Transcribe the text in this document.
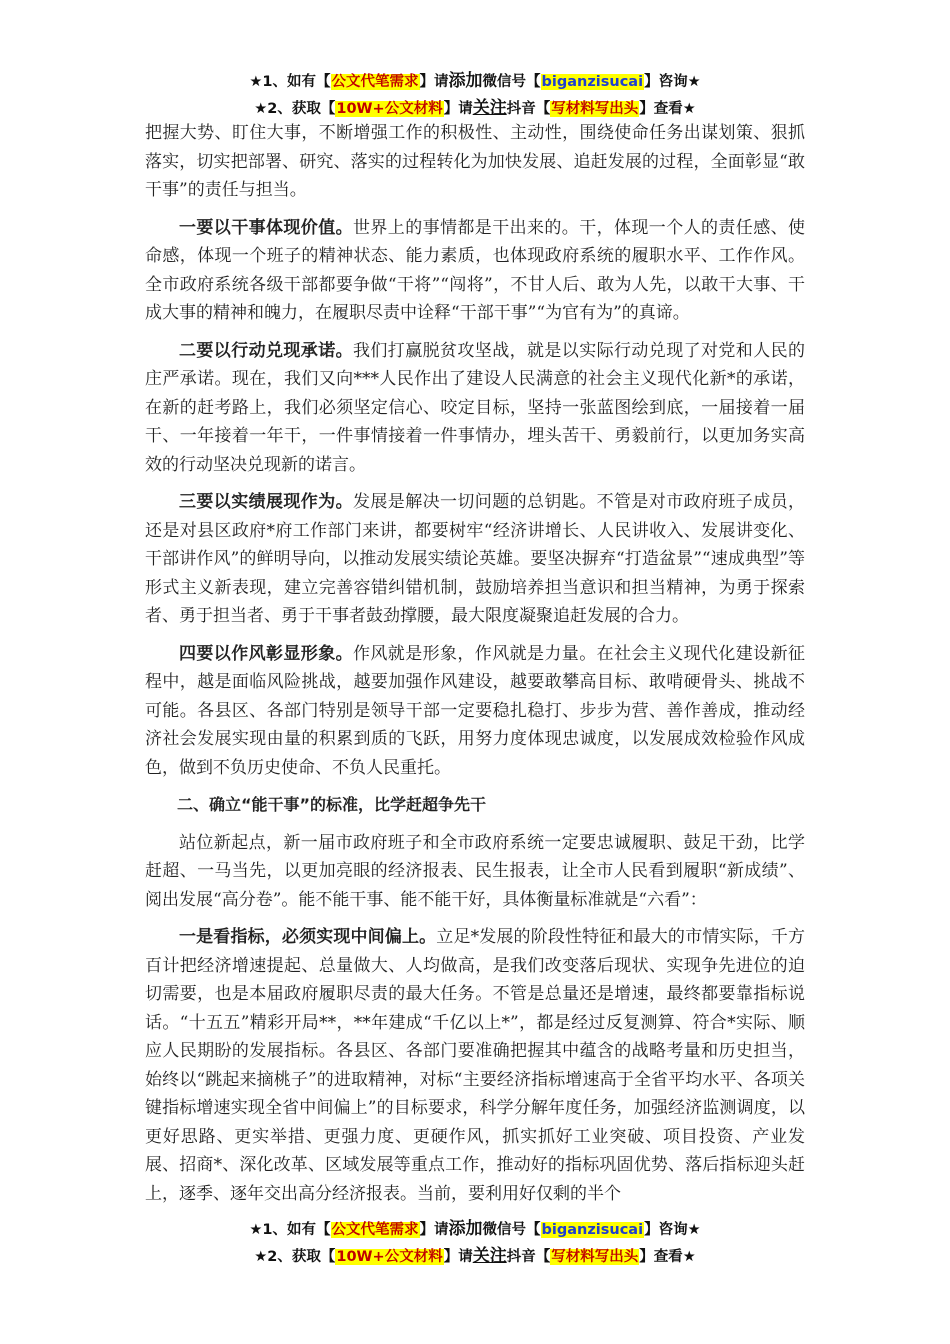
★1、如有【公文代笔需求】请添加微信号【biganzisucai】咨询★
★2、获取【10W+公文材料】请关注抖音【写材料写出头】查看★

把握大势、盯住大事，不断增强工作的积极性、主动性，围绕使命任务出谋划策、狠抓落实，切实把部署、研究、落实的过程转化为加快发展、追赶发展的过程，全面彰显“敢干事”的责任与担当。

一要以干事体现价值。世界上的事情都是干出来的。干，体现一个人的责任感、使命感，体现一个班子的精神状态、能力素质，也体现政府系统的履职水平、工作作风。全市政府系统各级干部都要争做“干将”“闯将”，不甘人后、敢为人先，以敢干大事、干成大事的精神和魄力，在履职尽责中诠释“干部干事”“为官有为”的真谛。

二要以行动兑现承诺。我们打赢脱贫攻坚战，就是以实际行动兑现了对党和人民的庄严承诺。现在，我们又向***人民作出了建设人民满意的社会主义现代化新*的承诺，在新的赶考路上，我们必须坚定信心、咬定目标，坚持一张蓝图绘到底，一届接着一届干、一年接着一年干，一件事情接着一件事情办，埋头苦干、勇毅前行，以更加务实高效的行动坚决兑现新的诺言。

三要以实绩展现作为。发展是解决一切问题的总钥匙。不管是对市政府班子成员，还是对县区政府*府工作部门来讲，都要树牢“经济讲增长、人民讲收入、发展讲变化、干部讲作风”的鲜明导向，以推动发展实绩论英雄。要坚决摒弃“打造盆景”“速成典型”等形式主义新表现，建立完善容错纠错机制，鼓励培养担当意识和担当精神，为勇于探索者、勇于担当者、勇于干事者鼓劲撑腰，最大限度凝聚追赶发展的合力。

四要以作风彰显形象。作风就是形象，作风就是力量。在社会主义现代化建设新征程中，越是面临风险挑战，越要加强作风建设，越要敢攀高目标、敢啃硬骨头、挑战不可能。各县区、各部门特别是领导干部一定要稳扎稳打、步步为营、善作善成，推动经济社会发展实现由量的积累到质的飞跃，用努力度体现忠诚度，以发展成效检验作风成色，做到不负历史使命、不负人民重托。

二、确立“能干事”的标准，比学赶超争先干

站位新起点，新一届市政府班子和全市政府系统一定要忠诚履职、鼓足干劲，比学赶超、一马当先，以更加亮眼的经济报表、民生报表，让全市人民看到履职“新成绩”、阅出发展“高分卷”。能不能干事、能不能干好，具体衡量标准就是“六看”：

一是看指标，必须实现中间偏上。立足*发展的阶段性特征和最大的市情实际，千方百计把经济增速提起、总量做大、人均做高，是我们改变落后现状、实现争先进位的迫切需要，也是本届政府履职尽责的最大任务。不管是总量还是增速，最终都要靠指标说话。“十五五”精彩开局**，**年建成“千亿以上*”，都是经过反复测算、符合*实际、顺应人民期盼的发展指标。各县区、各部门要准确把握其中蕴含的战略考量和历史担当，始终以“跳起来摘桃子”的进取精神，对标“主要经济指标增速高于全省平均水平、各项关键指标增速实现全省中间偏上”的目标要求，科学分解年度任务，加强经济监测调度，以更好思路、更实举措、更强力度、更硬作风，抓实抓好工业突破、项目投资、产业发展、招商*、深化改革、区域发展等重点工作，推动好的指标巩固优势、落后指标迎头赶上，逐季、逐年交出高分经济报表。当前，要利用好仅剩的半个

★1、如有【公文代笔需求】请添加微信号【biganzisucai】咨询★
★2、获取【10W+公文材料】请关注抖音【写材料写出头】查看★
